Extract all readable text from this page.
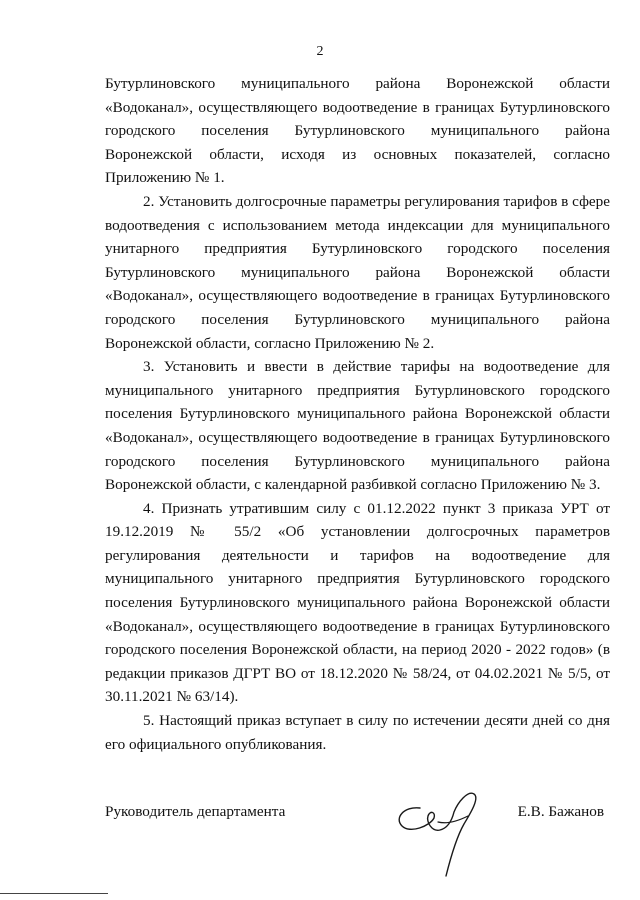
2

Бутурлиновского муниципального района Воронежской области «Водоканал», осуществляющего водоотведение в границах Бутурлиновского городского поселения Бутурлиновского муниципального района Воронежской области, исходя из основных показателей, согласно Приложению № 1.

2. Установить долгосрочные параметры регулирования тарифов в сфере водоотведения с использованием метода индексации для муниципального унитарного предприятия Бутурлиновского городского поселения Бутурлиновского муниципального района Воронежской области «Водоканал», осуществляющего водоотведение в границах Бутурлиновского городского поселения Бутурлиновского муниципального района Воронежской области, согласно Приложению № 2.

3. Установить и ввести в действие тарифы на водоотведение для муниципального унитарного предприятия Бутурлиновского городского поселения Бутурлиновского муниципального района Воронежской области «Водоканал», осуществляющего водоотведение в границах Бутурлиновского городского поселения Бутурлиновского муниципального района Воронежской области, с календарной разбивкой согласно Приложению № 3.

4. Признать утратившим силу с 01.12.2022 пункт 3 приказа УРТ от 19.12.2019 № 55/2 «Об установлении долгосрочных параметров регулирования деятельности и тарифов на водоотведение для муниципального унитарного предприятия Бутурлиновского городского поселения Бутурлиновского муниципального района Воронежской области «Водоканал», осуществляющего водоотведение в границах Бутурлиновского городского поселения Воронежской области, на период 2020 - 2022 годов» (в редакции приказов ДГРТ ВО от 18.12.2020 № 58/24, от 04.02.2021 № 5/5, от 30.11.2021 № 63/14).

5. Настоящий приказ вступает в силу по истечении десяти дней со дня его официального опубликования.

Руководитель департамента	Е.В. Бажанов
